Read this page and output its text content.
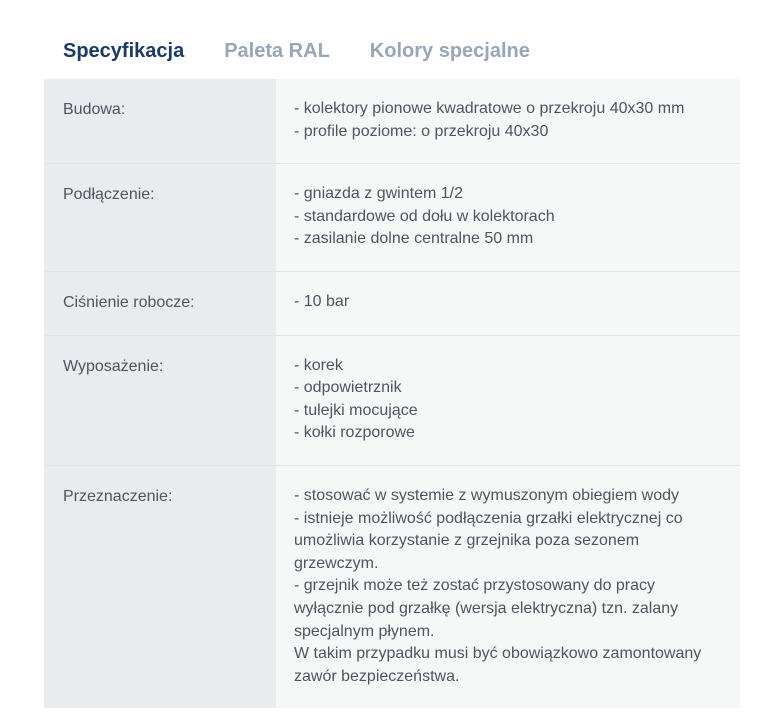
Specyfikacja Paleta RAL Kolory specjalne
Budowa:	- kolektory pionowe kwadratowe o przekroju 40x30 mm
- profile poziome: o przekroju 40x30
Podłączenie:	- gniazda z gwintem 1/2
- standardowe od dołu w kolektorach
- zasilanie dolne centralne 50 mm
Ciśnienie robocze:	- 10 bar
Wyposażenie:	- korek
- odpowietrznik
- tulejki mocujące
- kołki rozporowe
Przeznaczenie:	- stosować w systemie z wymuszonym obiegiem wody
- istnieje możliwość podłączenia grzałki elektrycznej co
umożliwia korzystanie z grzejnika poza sezonem
grzewczym.
- grzejnik może też zostać przystosowany do pracy
wyłącznie pod grzałkę (wersja elektryczna) tzn. zalany
specjalnym płynem.
W takim przypadku musi być obowiązkowo zamontowany
zawór bezpieczeństwa.
